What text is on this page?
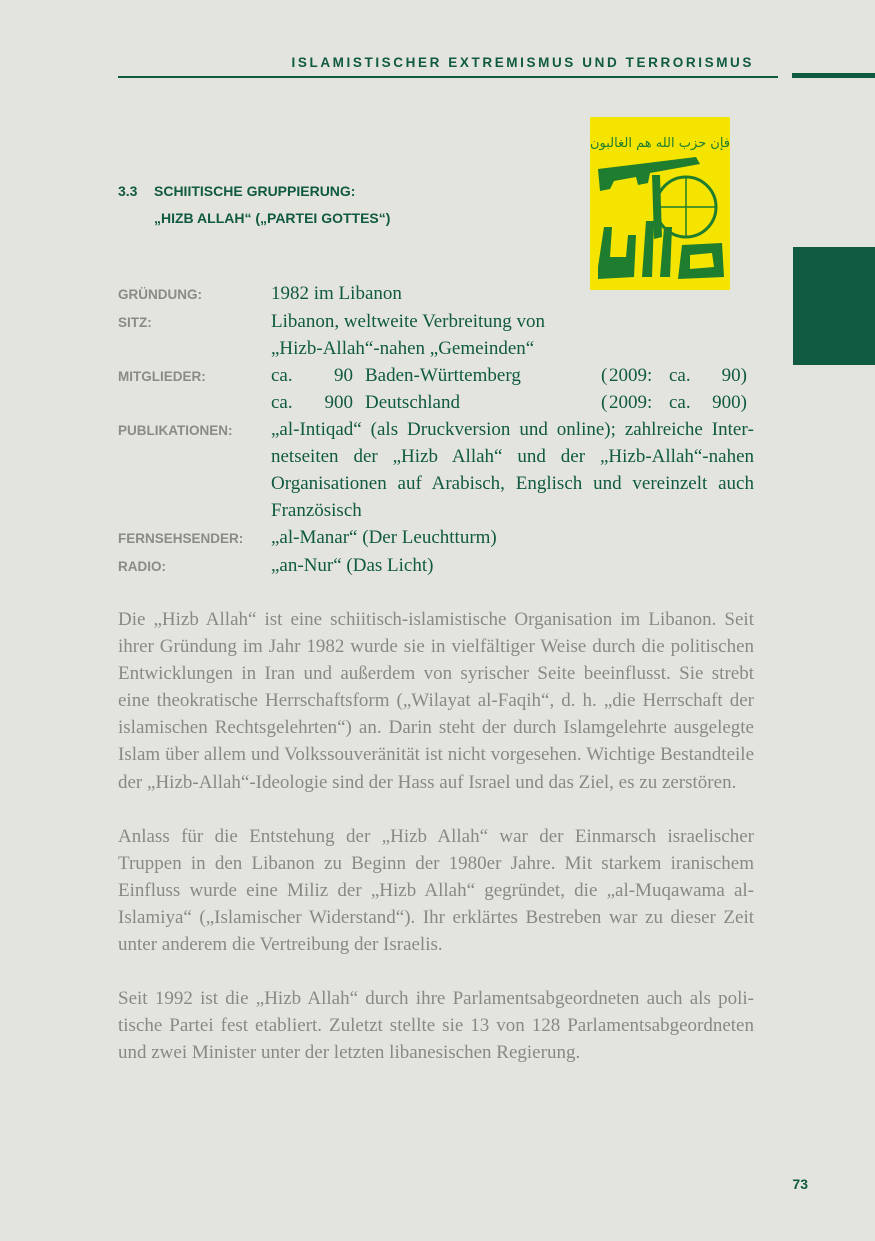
ISLAMISTISCHER EXTREMISMUS UND TERRORISMUS
3.3 SCHIITISCHE GRUPPIERUNG:
„HIZB ALLAH“ („PARTEI GOTTES“)
فإن حزب الله هم الغالبون
GRÜNDUNG:	1982 im Libanon
SITZ:	Libanon, weltweite Verbreitung von
„Hizb-Allah“-nahen „Gemeinden“
MITGLIEDER:	ca.	90 Baden-Württemberg	( 2009: ca.	90)
ca.	900 Deutschland	( 2009: ca.	900)
PUBLIKATIONEN:	„al-Intiqad“ (als Druckversion und online); zahlreiche Internetseiten der „Hizb Allah“ und der „Hizb-Allah“-nahen Organisationen auf Arabisch, Englisch und vereinzelt auch Französisch
FERNSEHSENDER:	„al-Manar“ (Der Leuchtturm)
RADIO:	„an-Nur“ (Das Licht)

Die „Hizb Allah“ ist eine schiitisch-islamistische Organisation im Libanon. Seit ihrer Gründung im Jahr 1982 wurde sie in vielfältiger Weise durch die politischen Entwicklungen in Iran und außerdem von syrischer Seite beeinflusst. Sie strebt eine theokratische Herrschaftsform („Wilayat al-Faqih“, d. h. „die Herrschaft der islamischen Rechtsgelehrten“) an. Darin steht der durch Islamgelehrte ausgelegte Islam über allem und Volkssouveränität ist nicht vorgesehen. Wichtige Bestandteile der „Hizb-Allah“-Ideologie sind der Hass auf Israel und das Ziel, es zu zerstören.

Anlass für die Entstehung der „Hizb Allah“ war der Einmarsch israelischer Truppen in den Libanon zu Beginn der 1980er Jahre. Mit starkem iranischem Einfluss wurde eine Miliz der „Hizb Allah“ gegründet, die „al-Muqawama al-Islamiya“ („Islamischer Widerstand“). Ihr erklärtes Bestreben war zu dieser Zeit unter anderem die Vertreibung der Israelis.

Seit 1992 ist die „Hizb Allah“ durch ihre Parlamentsabgeordneten auch als politische Partei fest etabliert. Zuletzt stellte sie 13 von 128 Parlamentsabgeordneten und zwei Minister unter der letzten libanesischen Regierung.

73
